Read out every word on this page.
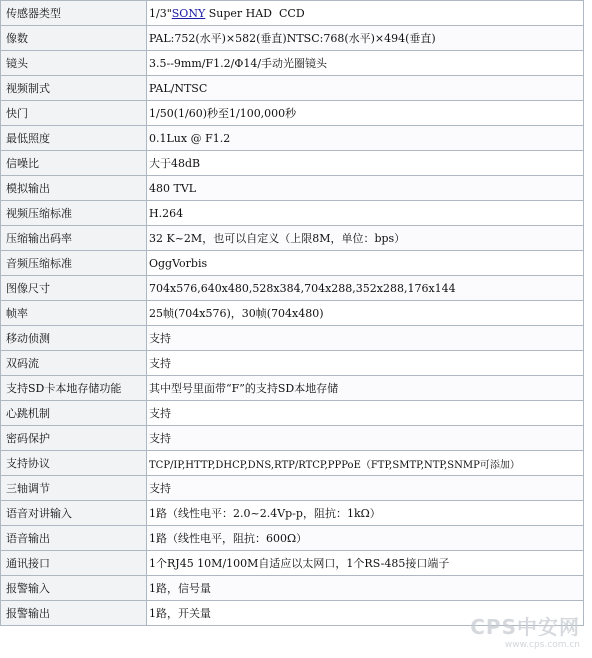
传感器类型	1/3"SONY Super HAD  CCD
像数	PAL:752(水平)×582(垂直)NTSC:768(水平)×494(垂直)
镜头	3.5--9mm/F1.2/Φ14/手动光圈镜头
视频制式	PAL/NTSC
快门	1/50(1/60)秒至1/100,000秒
最低照度	0.1Lux @ F1.2
信噪比	大于48dB
模拟输出	480 TVL
视频压缩标准	H.264
压缩输出码率	32 K~2M，也可以自定义（上限8M，单位：bps）
音频压缩标准	OggVorbis
图像尺寸	704x576,640x480,528x384,704x288,352x288,176x144
帧率	25帧(704x576)，30帧(704x480)
移动侦测	支持
双码流	支持
支持SD卡本地存储功能	其中型号里面带“F”的支持SD本地存储
心跳机制	支持
密码保护	支持
支持协议	TCP/IP,HTTP,DHCP,DNS,RTP/RTCP,PPPoE（FTP,SMTP,NTP,SNMP可添加）
三轴调节	支持
语音对讲输入	1路（线性电平：2.0~2.4Vp-p，阻抗：1kΩ）
语音输出	1路（线性电平，阻抗：600Ω）
通讯接口	1个RJ45 10M/100M自适应以太网口，1个RS-485接口端子
报警输入	1路，信号量
报警输出	1路，开关量
CPS中安网
www.cps.com.cn
